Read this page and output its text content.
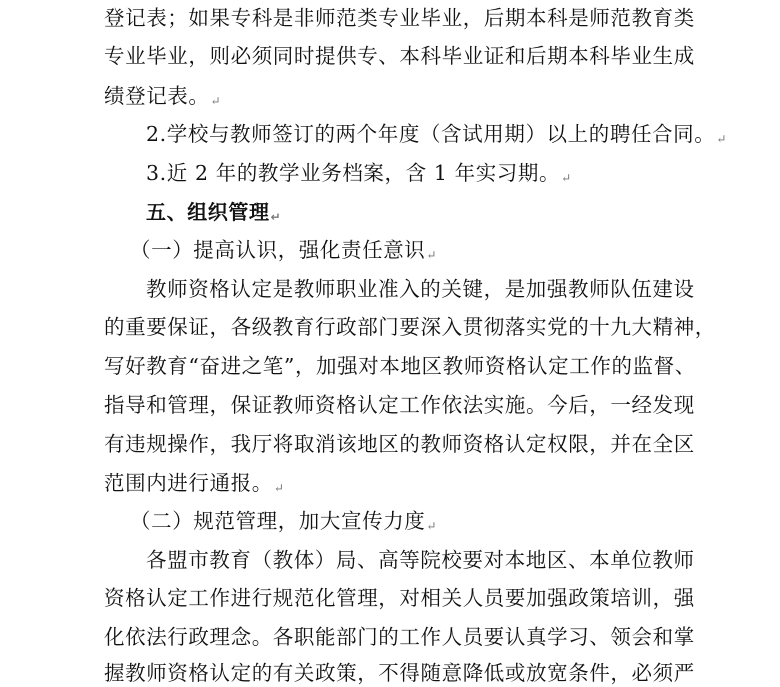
登记表；如果专科是非师范类专业毕业，后期本科是师范教育类
专业毕业，则必须同时提供专、本科毕业证和后期本科毕业生成
绩登记表。↵
2.学校与教师签订的两个年度（含试用期）以上的聘任合同。↵
3.近 2 年的教学业务档案，含 1 年实习期。↵
五、组织管理↵
（一）提高认识，强化责任意识↵
教师资格认定是教师职业准入的关键，是加强教师队伍建设
的重要保证，各级教育行政部门要深入贯彻落实党的十九大精神，
写好教育“奋进之笔”，加强对本地区教师资格认定工作的监督、
指导和管理，保证教师资格认定工作依法实施。今后，一经发现
有违规操作，我厅将取消该地区的教师资格认定权限，并在全区
范围内进行通报。↵
（二）规范管理，加大宣传力度↵
各盟市教育（教体）局、高等院校要对本地区、本单位教师
资格认定工作进行规范化管理，对相关人员要加强政策培训，强
化依法行政理念。各职能部门的工作人员要认真学习、领会和掌
握教师资格认定的有关政策，不得随意降低或放宽条件，必须严
